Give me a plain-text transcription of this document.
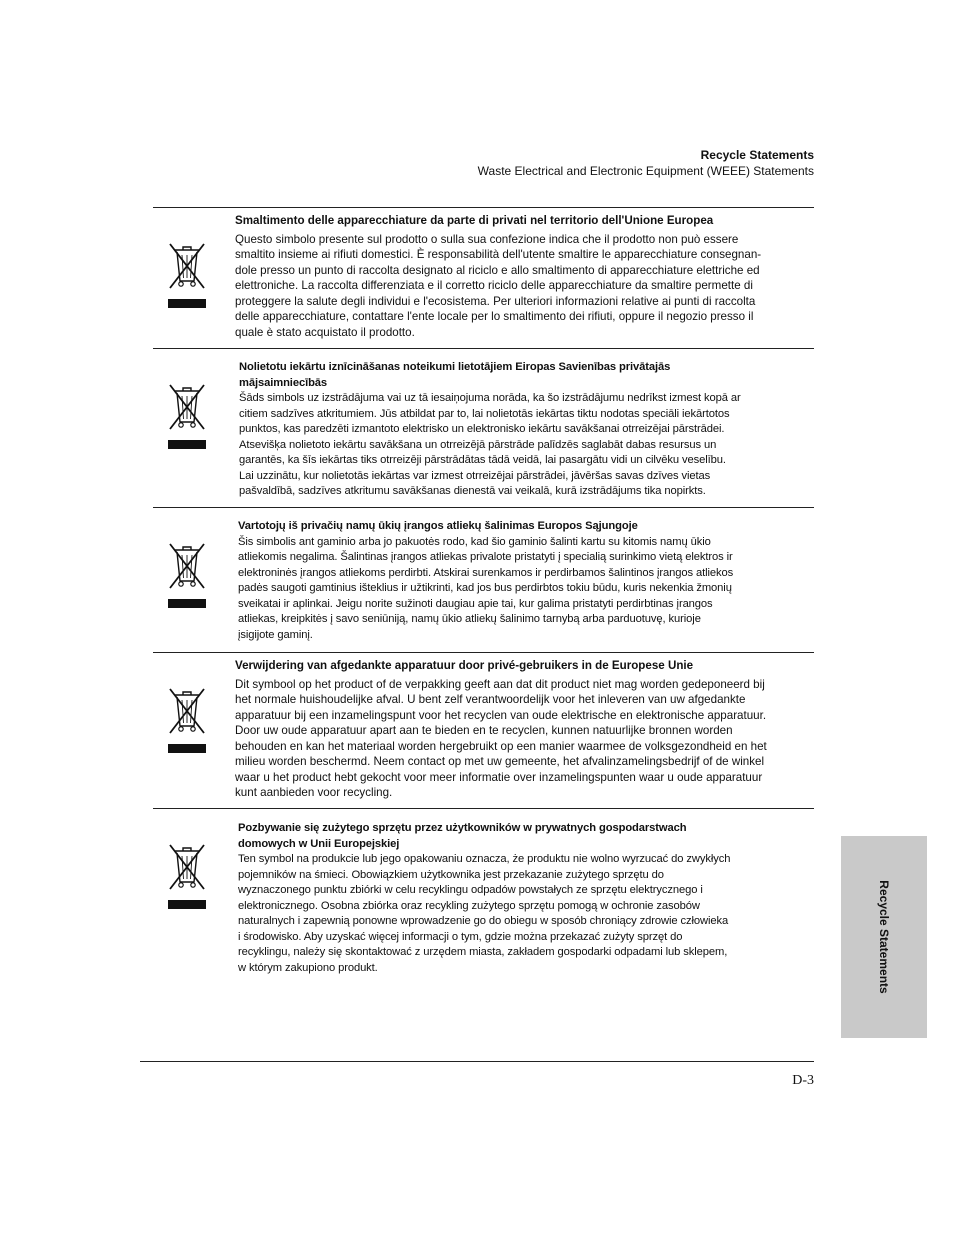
Recycle Statements
Waste Electrical and Electronic Equipment (WEEE) Statements
Smaltimento delle apparecchiature da parte di privati nel territorio dell'Unione Europea
Questo simbolo presente sul prodotto o sulla sua confezione indica che il prodotto non può essere
smaltito insieme ai rifiuti domestici. È responsabilità dell'utente smaltire le apparecchiature consegnan-
dole presso un punto di raccolta designato al riciclo e allo smaltimento di apparecchiature elettriche ed
elettroniche. La raccolta differenziata e il corretto riciclo delle apparecchiature da smaltire permette di
proteggere la salute degli individui e l'ecosistema. Per ulteriori informazioni relative ai punti di raccolta
delle apparecchiature, contattare l'ente locale per lo smaltimento dei rifiuti, oppure il negozio presso il
quale è stato acquistato il prodotto.
Nolietotu iekārtu iznīcināšanas noteikumi lietotājiem Eiropas Savienības privātajās
mājsaimniecībās
Šāds simbols uz izstrādājuma vai uz tā iesaiņojuma norāda, ka šo izstrādājumu nedrīkst izmest kopā ar
citiem sadzīves atkritumiem. Jūs atbildat par to, lai nolietotās iekārtas tiktu nodotas speciāli iekārtotos
punktos, kas paredzēti izmantoto elektrisko un elektronisko iekārtu savākšanai otrreizējai pārstrādei.
Atsevišķa nolietoto iekārtu savākšana un otrreizējā pārstrāde palīdzēs saglabāt dabas resursus un
garantēs, ka šīs iekārtas tiks otrreizēji pārstrādātas tādā veidā, lai pasargātu vidi un cilvēku veselību.
Lai uzzinātu, kur nolietotās iekārtas var izmest otrreizējai pārstrādei, jāvēršas savas dzīves vietas
pašvaldībā, sadzīves atkritumu savākšanas dienestā vai veikalā, kurā izstrādājums tika nopirkts.
Vartotojų iš privačių namų ūkių įrangos atliekų šalinimas Europos Sąjungoje
Šis simbolis ant gaminio arba jo pakuotės rodo, kad šio gaminio šalinti kartu su kitomis namų ūkio
atliekomis negalima. Šalintinas įrangos atliekas privalote pristatyti į specialią surinkimo vietą elektros ir
elektroninės įrangos atliekoms perdirbti. Atskirai surenkamos ir perdirbamos šalintinos įrangos atliekos
padės saugoti gamtinius išteklius ir užtikrinti, kad jos bus perdirbtos tokiu būdu, kuris nekenkia žmonių
sveikatai ir aplinkai. Jeigu norite sužinoti daugiau apie tai, kur galima pristatyti perdirbtinas įrangos
atliekas, kreipkitės į savo seniūniją, namų ūkio atliekų šalinimo tarnybą arba parduotuvę, kurioje
įsigijote gaminį.
Verwijdering van afgedankte apparatuur door privé-gebruikers in de Europese Unie
Dit symbool op het product of de verpakking geeft aan dat dit product niet mag worden gedeponeerd bij
het normale huishoudelijke afval. U bent zelf verantwoordelijk voor het inleveren van uw afgedankte
apparatuur bij een inzamelingspunt voor het recyclen van oude elektrische en elektronische apparatuur.
Door uw oude apparatuur apart aan te bieden en te recyclen, kunnen natuurlijke bronnen worden
behouden en kan het materiaal worden hergebruikt op een manier waarmee de volksgezondheid en het
milieu worden beschermd. Neem contact op met uw gemeente, het afvalinzamelingsbedrijf of de winkel
waar u het product hebt gekocht voor meer informatie over inzamelingspunten waar u oude apparatuur
kunt aanbieden voor recycling.
Pozbywanie się zużytego sprzętu przez użytkowników w prywatnych gospodarstwach
domowych w Unii Europejskiej
Ten symbol na produkcie lub jego opakowaniu oznacza, że produktu nie wolno wyrzucać do zwykłych
pojemników na śmieci. Obowiązkiem użytkownika jest przekazanie zużytego sprzętu do
wyznaczonego punktu zbiórki w celu recyklingu odpadów powstałych ze sprzętu elektrycznego i
elektronicznego. Osobna zbiórka oraz recykling zużytego sprzętu pomogą w ochronie zasobów
naturalnych i zapewnią ponowne wprowadzenie go do obiegu w sposób chroniący zdrowie człowieka
i środowisko. Aby uzyskać więcej informacji o tym, gdzie można przekazać zużyty sprzęt do
recyklingu, należy się skontaktować z urzędem miasta, zakładem gospodarki odpadami lub sklepem,
w którym zakupiono produkt.	Recycle Statements
D-3
